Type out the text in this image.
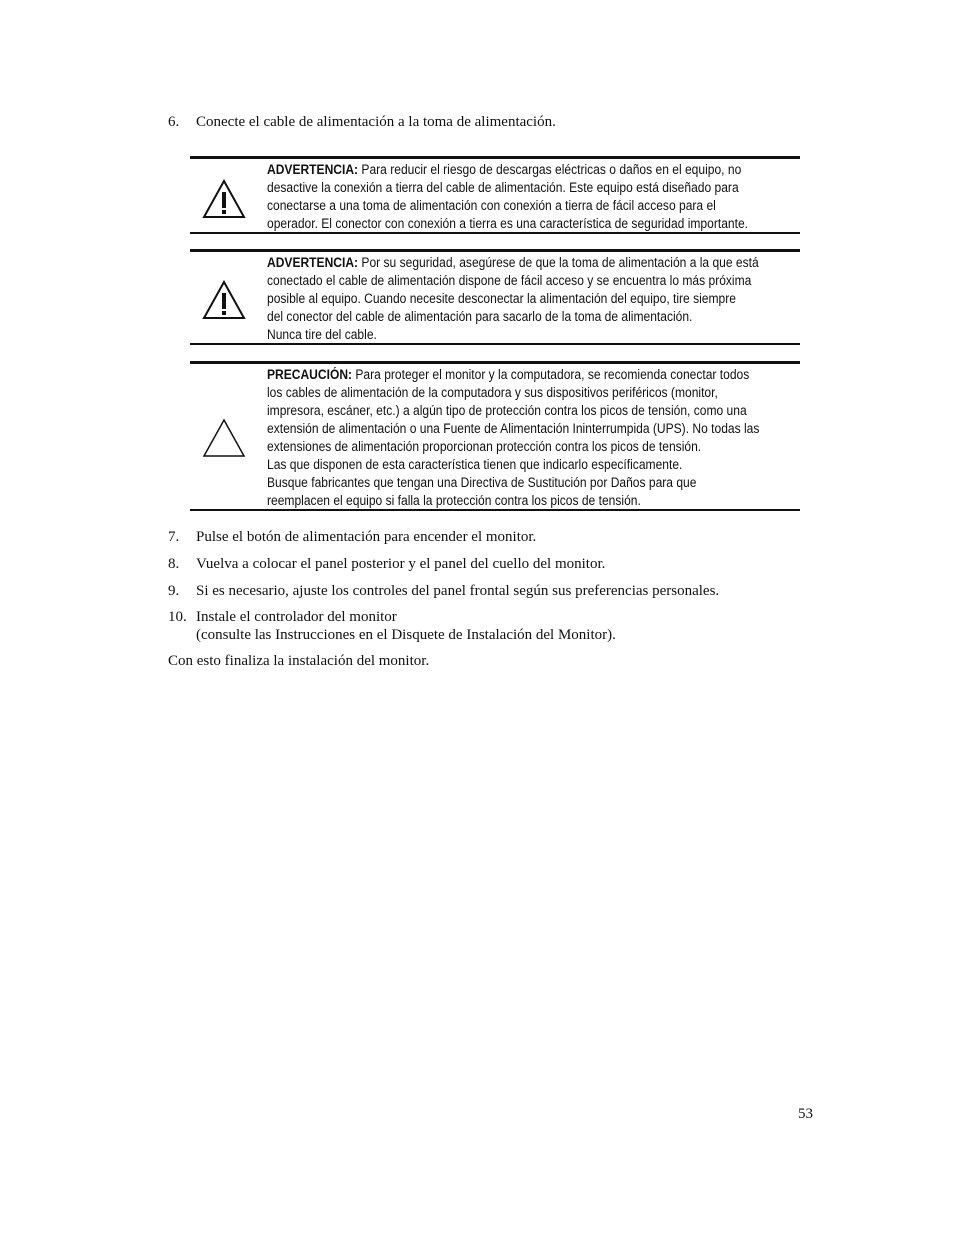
6. Conecte el cable de alimentación a la toma de alimentación.
ADVERTENCIA: Para reducir el riesgo de descargas eléctricas o daños en el equipo, no
desactive la conexión a tierra del cable de alimentación. Este equipo está diseñado para
conectarse a una toma de alimentación con conexión a tierra de fácil acceso para el
operador. El conector con conexión a tierra es una característica de seguridad importante.
ADVERTENCIA: Por su seguridad, asegúrese de que la toma de alimentación a la que está
conectado el cable de alimentación dispone de fácil acceso y se encuentra lo más próxima
posible al equipo. Cuando necesite desconectar la alimentación del equipo, tire siempre
del conector del cable de alimentación para sacarlo de la toma de alimentación.
Nunca tire del cable.
PRECAUCIÓN: Para proteger el monitor y la computadora, se recomienda conectar todos
los cables de alimentación de la computadora y sus dispositivos periféricos (monitor,
impresora, escáner, etc.) a algún tipo de protección contra los picos de tensión, como una
extensión de alimentación o una Fuente de Alimentación Ininterrumpida (UPS). No todas las
extensiones de alimentación proporcionan protección contra los picos de tensión.
Las que disponen de esta característica tienen que indicarlo específicamente.
Busque fabricantes que tengan una Directiva de Sustitución por Daños para que
reemplacen el equipo si falla la protección contra los picos de tensión.
7. Pulse el botón de alimentación para encender el monitor.
8. Vuelva a colocar el panel posterior y el panel del cuello del monitor.
9. Si es necesario, ajuste los controles del panel frontal según sus preferencias personales.
10. Instale el controlador del monitor
(consulte las Instrucciones en el Disquete de Instalación del Monitor).
Con esto finaliza la instalación del monitor.
53
